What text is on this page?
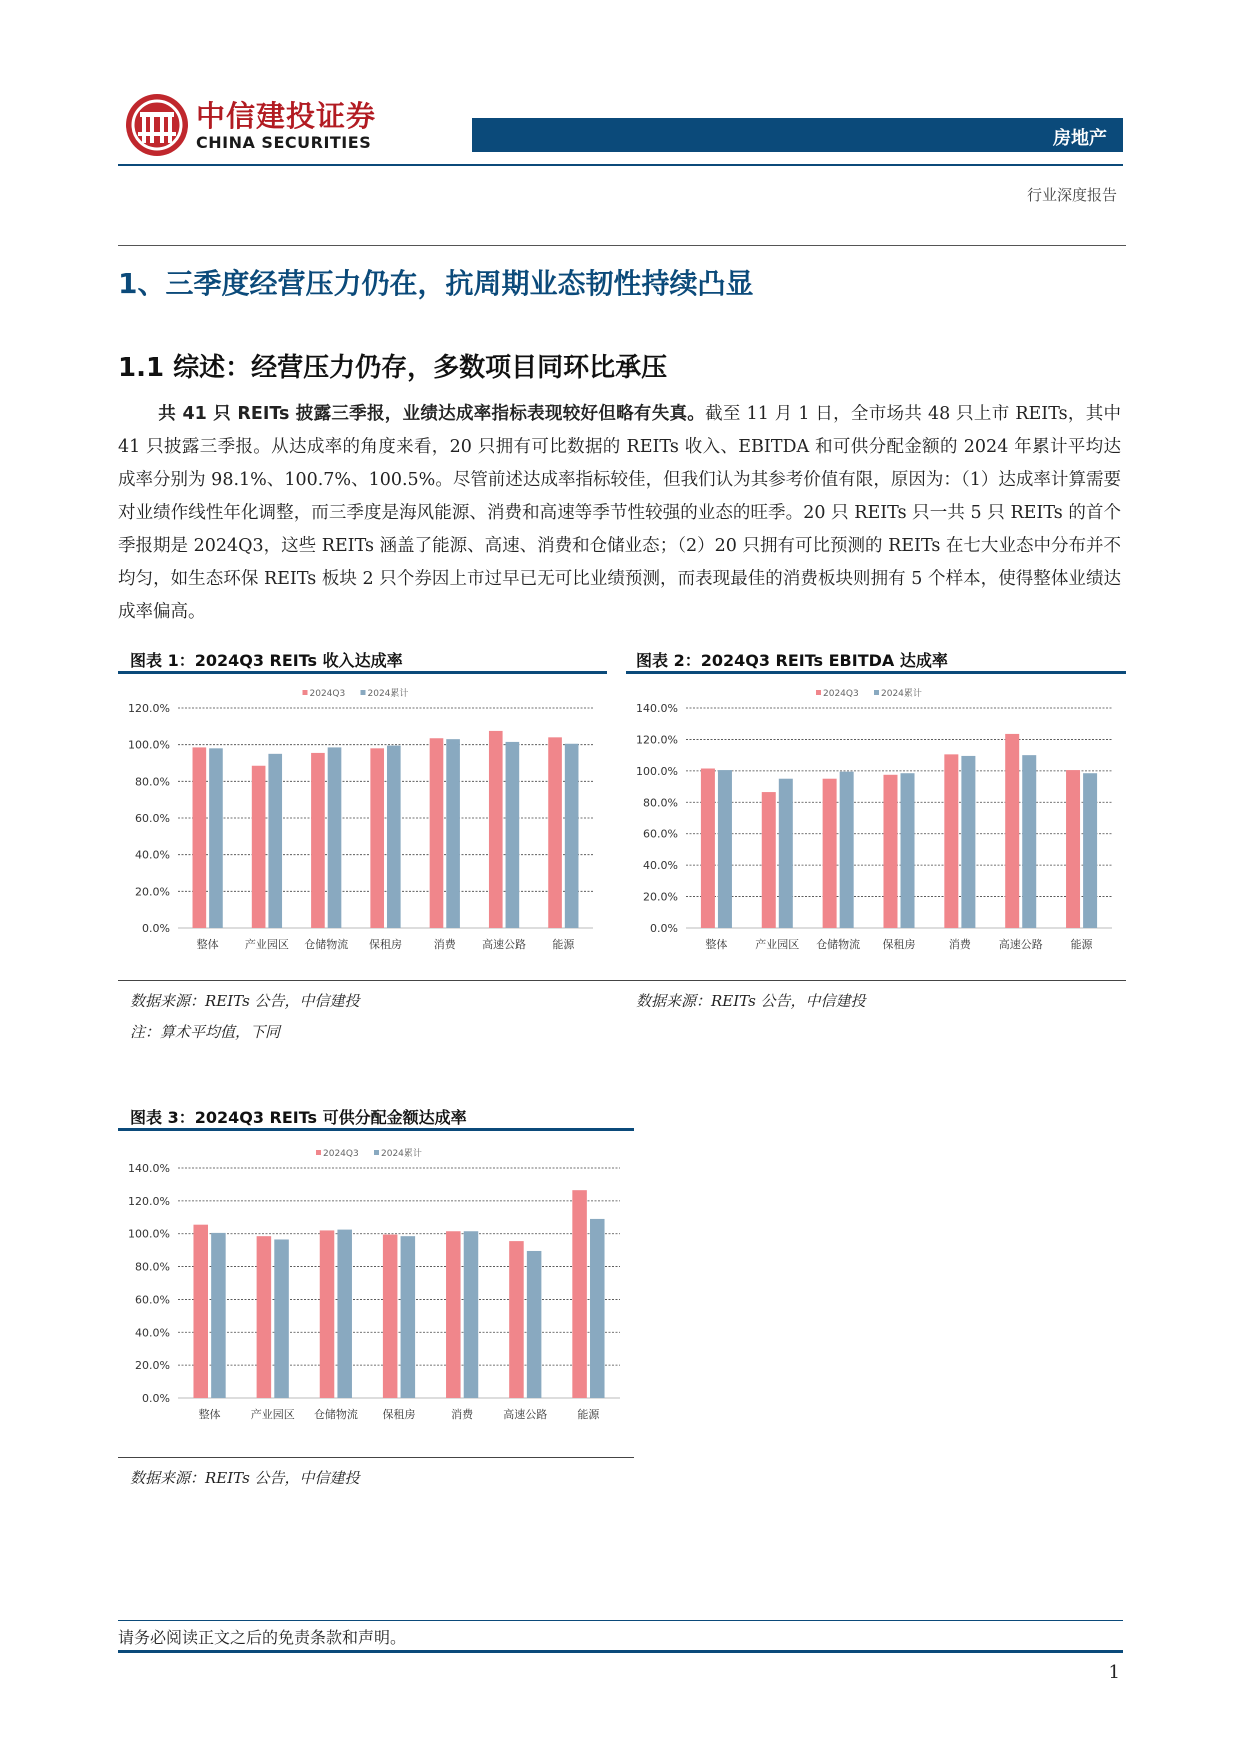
中信建投证券
CHINA SECURITIES	房地产
行业深度报告
1、三季度经营压力仍在，抗周期业态韧性持续凸显
1.1 综述：经营压力仍存，多数项目同环比承压
共 41 只 REITs 披露三季报，业绩达成率指标表现较好但略有失真。截至 11 月 1 日，全市场共 48 只上市 REITs，其中 41 只披露三季报。从达成率的角度来看，20 只拥有可比数据的 REITs 收入、EBITDA 和可供分配金额的 2024 年累计平均达成率分别为 98.1%、100.7%、100.5%。尽管前述达成率指标较佳，但我们认为其参考价值有限，原因为：（1）达成率计算需要对业绩作线性年化调整，而三季度是海风能源、消费和高速等季节性较强的业态的旺季。20 只 REITs 只一共 5 只 REITs 的首个季报期是 2024Q3，这些 REITs 涵盖了能源、高速、消费和仓储业态；（2）20 只拥有可比预测的 REITs 在七大业态中分布并不均匀，如生态环保 REITs 板块 2 只个券因上市过早已无可比业绩预测，而表现最佳的消费板块则拥有 5 个样本，使得整体业绩达成率偏高。
图表 1：2024Q3 REITs 收入达成率
2024Q3 2024累计
0.0%
20.0%
40.0%
60.0%
80.0%
100.0%
120.0%
整体 产业园区 仓储物流 保租房	消费 高速公路 能源
数据来源：REITs 公告，中信建投
注：算术平均值，下同
图表 2：2024Q3 REITs EBITDA 达成率
2024Q3 2024累计
0.0%
20.0%
40.0%
60.0%
80.0%
100.0%
120.0%
140.0%
整体	产业园区 仓储物流 保租房	消费	高速公路	能源
数据来源：REITs 公告，中信建投
图表 3：2024Q3 REITs 可供分配金额达成率
2024Q3 2024累计
0.0%
20.0%
40.0%
60.0%
80.0%
100.0%
120.0%
140.0%
整体	产业园区 仓储物流 保租房	消费	高速公路	能源
数据来源：REITs 公告，中信建投
请务必阅读正文之后的免责条款和声明。
1
